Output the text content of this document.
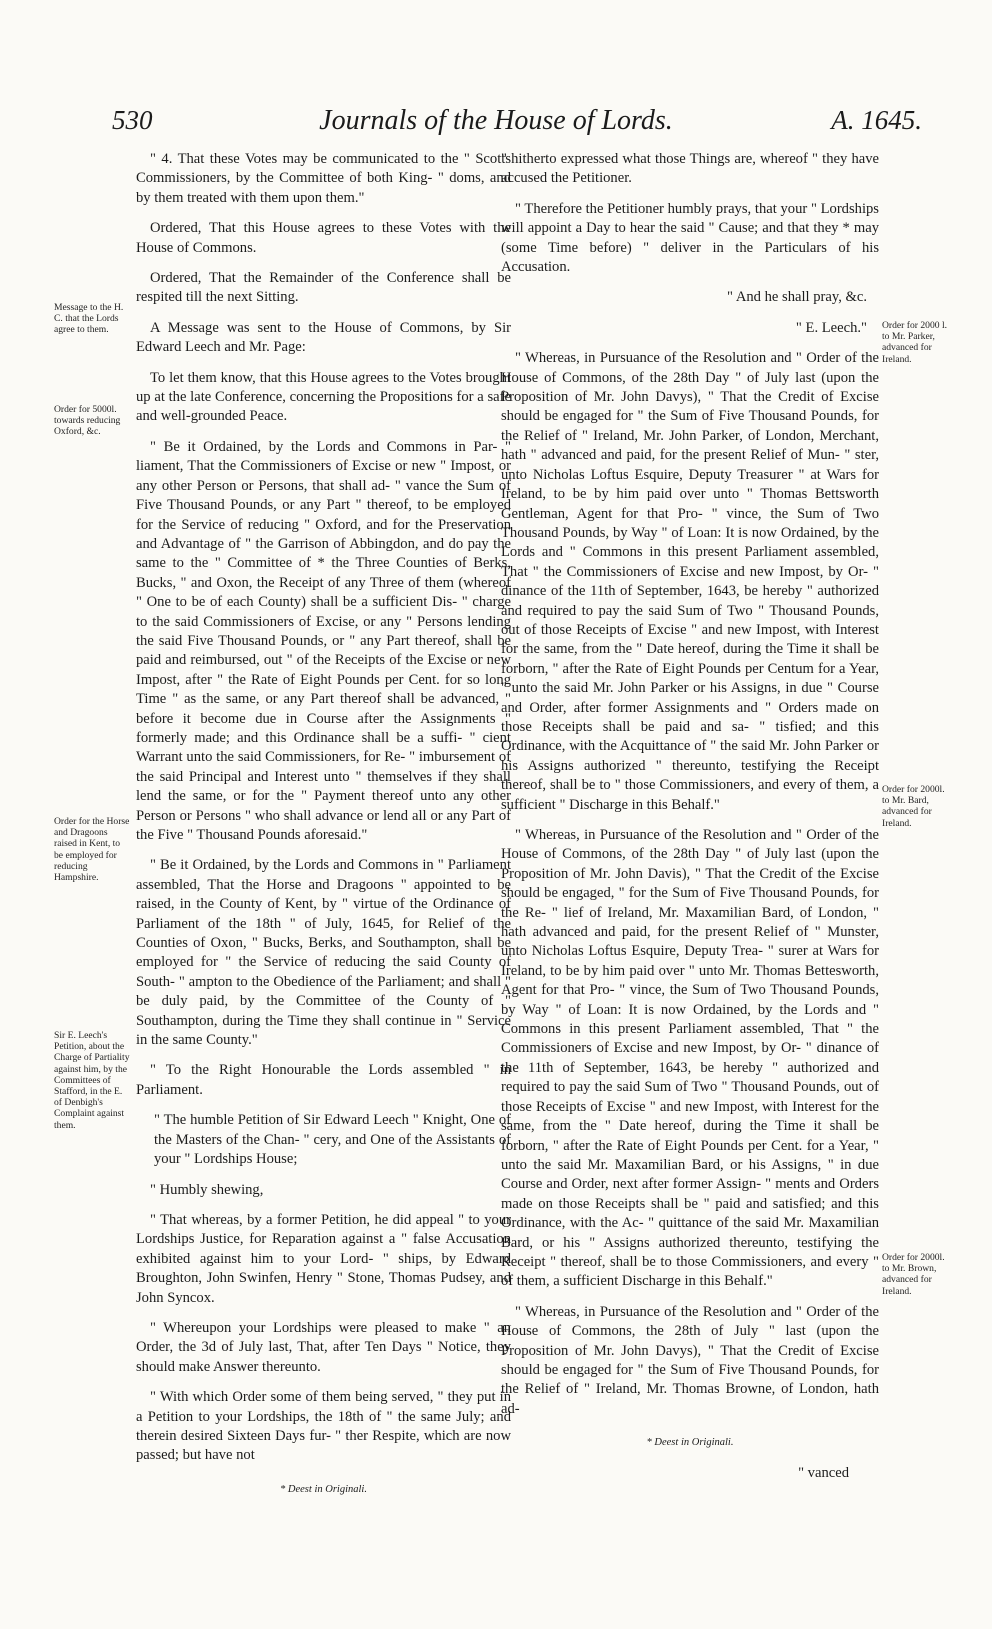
530	Journals of the House of Lords.	A. 1645.
Message to the H. C. that the Lords agree to them.
Order for 5000l. towards reducing Oxford, &c.
Order for the Horse and Dragoons raised in Kent, to be employed for reducing Hampshire.
Sir E. Leech's Petition, about the Charge of Partiality against him, by the Committees of Stafford, in the E. of Denbigh's Complaint against them.
Order for 2000 l. to Mr. Parker, advanced for Ireland.
Order for 2000l. to Mr. Bard, advanced for Ireland.
Order for 2000l. to Mr. Brown, advanced for Ireland.

" 4. That these Votes may be communicated to the " Scotts Commissioners, by the Committee of both King- " doms, and by them treated with them upon them."

Ordered, That this House agrees to these Votes with the House of Commons.

Ordered, That the Remainder of the Conference shall be respited till the next Sitting.

A Message was sent to the House of Commons, by Sir Edward Leech and Mr. Page:

To let them know, that this House agrees to the Votes brought up at the late Conference, concerning the Propositions for a safe and well-grounded Peace.

" Be it Ordained, by the Lords and Commons in Par- " liament, That the Commissioners of Excise or new " Impost, or any other Person or Persons, that shall ad- " vance the Sum of Five Thousand Pounds, or any Part " thereof, to be employed for the Service of reducing " Oxford, and for the Preservation and Advantage of " the Garrison of Abbingdon, and do pay the same to the " Committee of * the Three Counties of Berks, Bucks, " and Oxon, the Receipt of any Three of them (whereof " One to be of each County) shall be a sufficient Dis- " charge to the said Commissioners of Excise, or any " Persons lending the said Five Thousand Pounds, or " any Part thereof, shall be paid and reimbursed, out " of the Receipts of the Excise or new Impost, after " the Rate of Eight Pounds per Cent. for so long Time " as the same, or any Part thereof shall be advanced, " before it become due in Course after the Assignments " formerly made; and this Ordinance shall be a suffi- " cient Warrant unto the said Commissioners, for Re- " imbursement of the said Principal and Interest unto " themselves if they shall lend the same, or for the " Payment thereof unto any other Person or Persons " who shall advance or lend all or any Part of the Five " Thousand Pounds aforesaid."

" Be it Ordained, by the Lords and Commons in " Parliament assembled, That the Horse and Dragoons " appointed to be raised, in the County of Kent, by " virtue of the Ordinance of Parliament of the 18th " of July, 1645, for Relief of the Counties of Oxon, " Bucks, Berks, and Southampton, shall be employed for " the Service of reducing the said County of South- " ampton to the Obedience of the Parliament; and shall " be duly paid, by the Committee of the County of " Southampton, during the Time they shall continue in " Service in the same County."

" To the Right Honourable the Lords assembled " in Parliament.

" The humble Petition of Sir Edward Leech " Knight, One of the Masters of the Chan- " cery, and One of the Assistants of your " Lordships House;

" Humbly shewing,

" That whereas, by a former Petition, he did appeal " to your Lordships Justice, for Reparation against a " false Accusation exhibited against him to your Lord- " ships, by Edward Broughton, John Swinfen, Henry " Stone, Thomas Pudsey, and John Syncox.

" Whereupon your Lordships were pleased to make " an Order, the 3d of July last, That, after Ten Days " Notice, they should make Answer thereunto.

" With which Order some of them being served, " they put in a Petition to your Lordships, the 18th of " the same July; and therein desired Sixteen Days fur- " ther Respite, which are now passed; but have not

* Deest in Originali.

" hitherto expressed what those Things are, whereof " they have accused the Petitioner.

" Therefore the Petitioner humbly prays, that your " Lordships will appoint a Day to hear the said " Cause; and that they * may (some Time before) " deliver in the Particulars of his Accusation.

" And he shall pray, &c.

" E. Leech."

" Whereas, in Pursuance of the Resolution and " Order of the House of Commons, of the 28th Day " of July last (upon the Proposition of Mr. John Davys), " That the Credit of Excise should be engaged for " the Sum of Five Thousand Pounds, for the Relief of " Ireland, Mr. John Parker, of London, Merchant, hath " advanced and paid, for the present Relief of Mun- " ster, unto Nicholas Loftus Esquire, Deputy Treasurer " at Wars for Ireland, to be by him paid over unto " Thomas Bettsworth Gentleman, Agent for that Pro- " vince, the Sum of Two Thousand Pounds, by Way " of Loan: It is now Ordained, by the Lords and " Commons in this present Parliament assembled, That " the Commissioners of Excise and new Impost, by Or- " dinance of the 11th of September, 1643, be hereby " authorized and required to pay the said Sum of Two " Thousand Pounds, out of those Receipts of Excise " and new Impost, with Interest for the same, from the " Date hereof, during the Time it shall be forborn, " after the Rate of Eight Pounds per Centum for a Year, " unto the said Mr. John Parker or his Assigns, in due " Course and Order, after former Assignments and " Orders made on those Receipts shall be paid and sa- " tisfied; and this Ordinance, with the Acquittance of " the said Mr. John Parker or his Assigns authorized " thereunto, testifying the Receipt thereof, shall be to " those Commissioners, and every of them, a sufficient " Discharge in this Behalf."

" Whereas, in Pursuance of the Resolution and " Order of the House of Commons, of the 28th Day " of July last (upon the Proposition of Mr. John Davis), " That the Credit of the Excise should be engaged, " for the Sum of Five Thousand Pounds, for the Re- " lief of Ireland, Mr. Maxamilian Bard, of London, " hath advanced and paid, for the present Relief of " Munster, unto Nicholas Loftus Esquire, Deputy Trea- " surer at Wars for Ireland, to be by him paid over " unto Mr. Thomas Bettesworth, Agent for that Pro- " vince, the Sum of Two Thousand Pounds, by Way " of Loan: It is now Ordained, by the Lords and " Commons in this present Parliament assembled, That " the Commissioners of Excise and new Impost, by Or- " dinance of the 11th of September, 1643, be hereby " authorized and required to pay the said Sum of Two " Thousand Pounds, out of those Receipts of Excise " and new Impost, with Interest for the same, from the " Date hereof, during the Time it shall be forborn, " after the Rate of Eight Pounds per Cent. for a Year, " unto the said Mr. Maxamilian Bard, or his Assigns, " in due Course and Order, next after former Assign- " ments and Orders made on those Receipts shall be " paid and satisfied; and this Ordinance, with the Ac- " quittance of the said Mr. Maxamilian Bard, or his " Assigns authorized thereunto, testifying the Receipt " thereof, shall be to those Commissioners, and every " of them, a sufficient Discharge in this Behalf."

" Whereas, in Pursuance of the Resolution and " Order of the House of Commons, the 28th of July " last (upon the Proposition of Mr. John Davys), " That the Credit of Excise should be engaged for " the Sum of Five Thousand Pounds, for the Relief of " Ireland, Mr. Thomas Browne, of London, hath ad-

* Deest in Originali.

" vanced
